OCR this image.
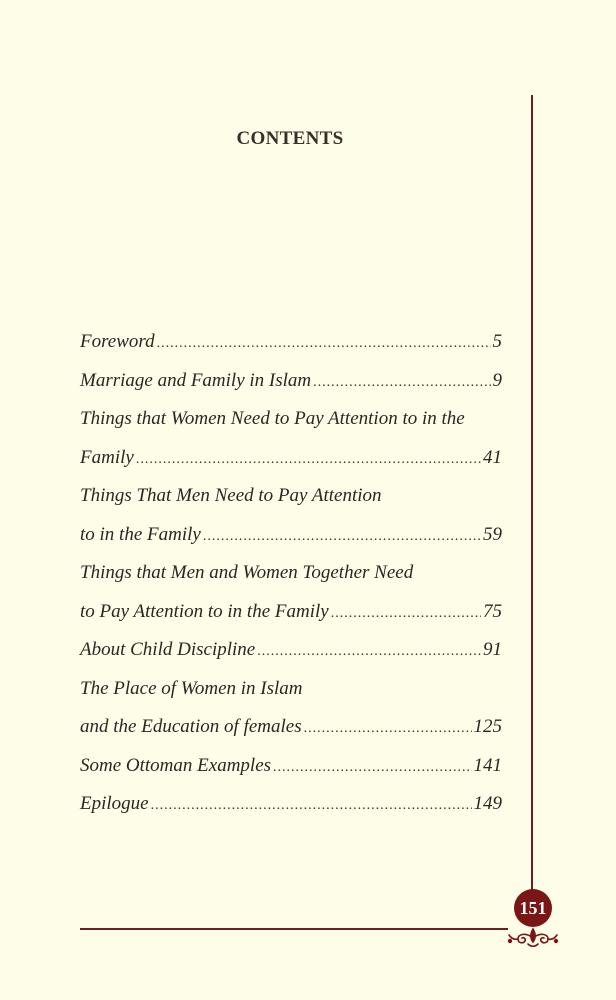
CONTENTS
Foreword .....	5
Marriage and Family in Islam .....	9
Things that Women Need to Pay Attention to in the
Family .....	41
Things That Men Need to Pay Attention
to in the Family .....	59
Things that Men and Women Together Need
to Pay Attention to in the Family .....	75
About Child Discipline .....	91
The Place of Women in Islam
and the Education of females .....	125
Some Ottoman Examples .....	141
Epilogue .....	149
151
